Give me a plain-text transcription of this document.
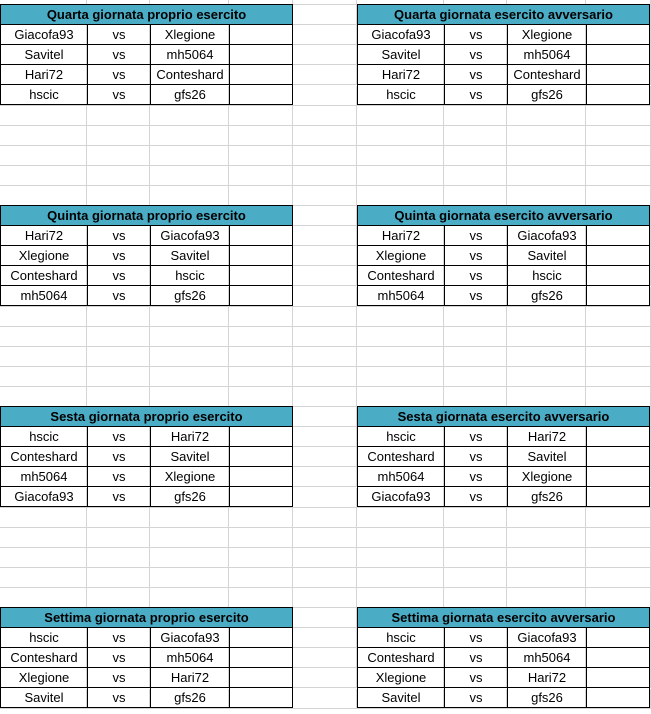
Quarta giornata proprio esercito
Giacofa93	vs	Xlegione
Savitel	vs	mh5064
Hari72	vs	Conteshard
hscic	vs	gfs26
Quarta giornata esercito avversario
Giacofa93	vs	Xlegione
Savitel	vs	mh5064
Hari72	vs	Conteshard
hscic	vs	gfs26
Quinta giornata proprio esercito
Hari72	vs	Giacofa93
Xlegione	vs	Savitel
Conteshard	vs	hscic
mh5064	vs	gfs26
Quinta giornata esercito avversario
Hari72	vs	Giacofa93
Xlegione	vs	Savitel
Conteshard	vs	hscic
mh5064	vs	gfs26
Sesta giornata proprio esercito
hscic	vs	Hari72
Conteshard	vs	Savitel
mh5064	vs	Xlegione
Giacofa93	vs	gfs26
Sesta giornata esercito avversario
hscic	vs	Hari72
Conteshard	vs	Savitel
mh5064	vs	Xlegione
Giacofa93	vs	gfs26
Settima giornata proprio esercito
hscic	vs	Giacofa93
Conteshard	vs	mh5064
Xlegione	vs	Hari72
Savitel	vs	gfs26
Settima giornata esercito avversario
hscic	vs	Giacofa93
Conteshard	vs	mh5064
Xlegione	vs	Hari72
Savitel	vs	gfs26
